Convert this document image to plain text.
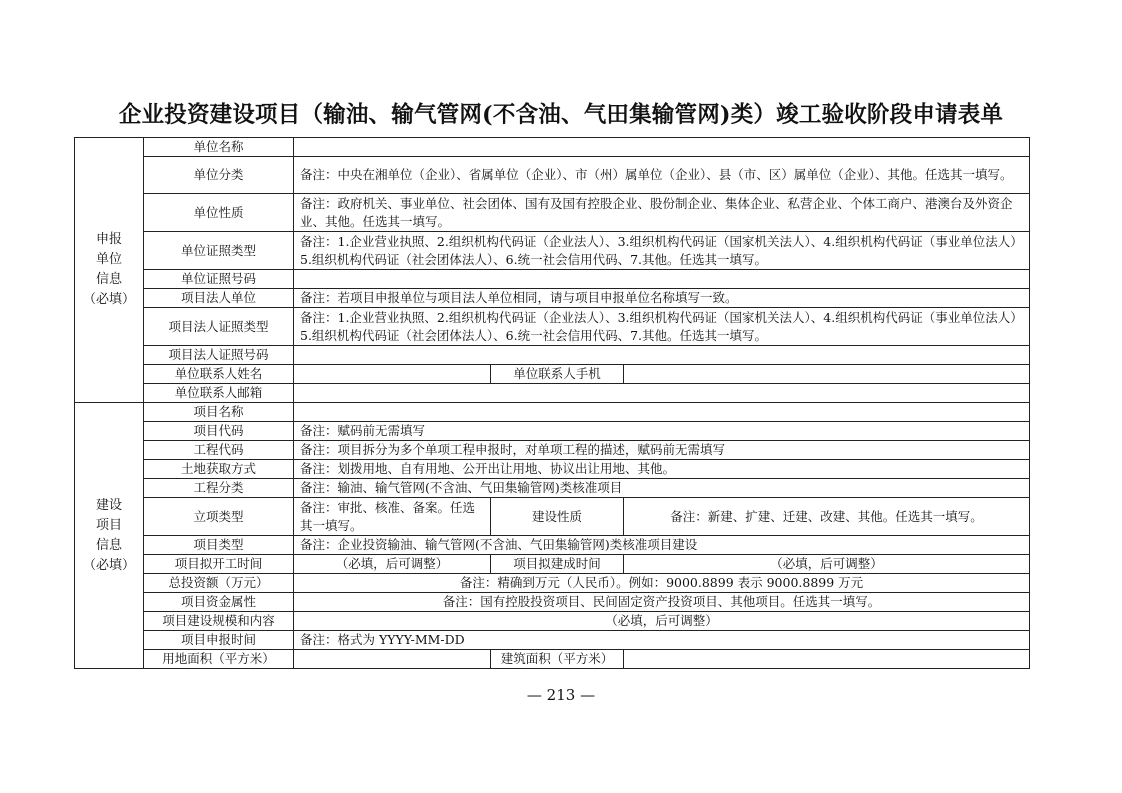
企业投资建设项目（输油、输气管网(不含油、气田集输管网)类）竣工验收阶段申请表单
申报
单位
信息
（必填）	单位名称			
	单位分类	备注：中央在湘单位（企业）、省属单位（企业）、市（州）属单位（企业）、县（市、区）属单位（企业）、其他。任选其一填写。		
	单位性质	备注：政府机关、事业单位、社会团体、国有及国有控股企业、股份制企业、集体企业、私营企业、个体工商户、港澳台及外资企业、其他。任选其一填写。		
	单位证照类型	备注：1.企业营业执照、2.组织机构代码证（企业法人）、3.组织机构代码证（国家机关法人）、4.组织机构代码证（事业单位法人）5.组织机构代码证（社会团体法人）、6.统一社会信用代码、7.其他。任选其一填写。		
	单位证照号码			
	项目法人单位	备注：若项目申报单位与项目法人单位相同，请与项目申报单位名称填写一致。		
	项目法人证照类型	备注：1.企业营业执照、2.组织机构代码证（企业法人）、3.组织机构代码证（国家机关法人）、4.组织机构代码证（事业单位法人）5.组织机构代码证（社会团体法人）、6.统一社会信用代码、7.其他。任选其一填写。		
	项目法人证照号码			
	单位联系人姓名		单位联系人手机	
	单位联系人邮箱			

建设
项目
信息
（必填）	项目名称			
	项目代码	备注：赋码前无需填写		
	工程代码	备注：项目拆分为多个单项工程申报时，对单项工程的描述，赋码前无需填写		
	土地获取方式	备注：划拨用地、自有用地、公开出让用地、协议出让用地、其他。		
	工程分类	备注：输油、输气管网(不含油、气田集输管网)类核准项目		
	立项类型	备注：审批、核准、备案。任选其一填写。	建设性质	备注：新建、扩建、迁建、改建、其他。任选其一填写。
	项目类型	备注：企业投资输油、输气管网(不含油、气田集输管网)类核准项目建设		
	项目拟开工时间	（必填，后可调整）	项目拟建成时间	（必填，后可调整）
	总投资额（万元）	备注：精确到万元（人民币）。例如：9000.8899 表示 9000.8899 万元		
	项目资金属性	备注：国有控股投资项目、民间固定资产投资项目、其他项目。任选其一填写。		
	项目建设规模和内容	（必填，后可调整）		
	项目申报时间	备注：格式为 YYYY-MM-DD		
	用地面积（平方米）		建筑面积（平方米）	
— 213 —
